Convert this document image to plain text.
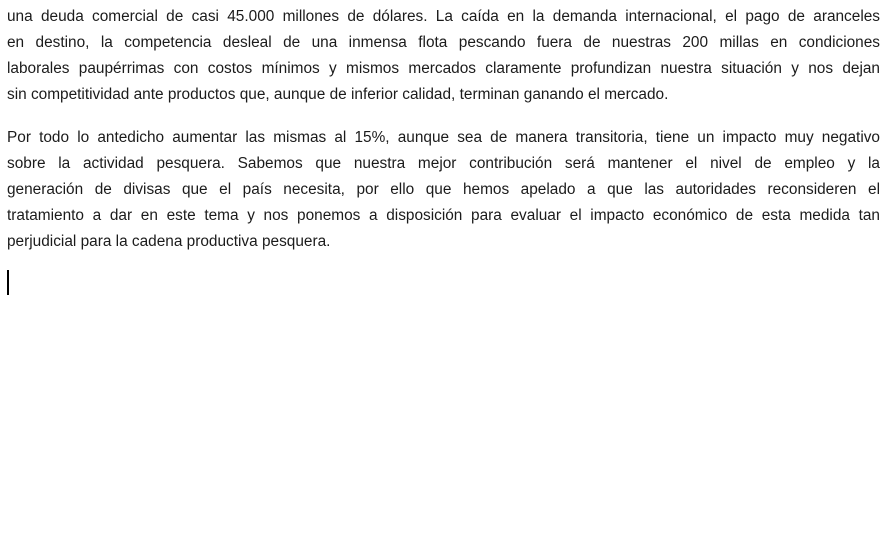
una deuda comercial de casi 45.000 millones de dólares. La caída en la demanda internacional, el pago de aranceles
en destino, la competencia desleal de una inmensa flota pescando fuera de nuestras 200 millas en condiciones
laborales paupérrimas con costos mínimos y mismos mercados claramente profundizan nuestra situación y nos dejan
sin competitividad ante productos que, aunque de inferior calidad, terminan ganando el mercado.
Por todo lo antedicho aumentar las mismas al 15%, aunque sea de manera transitoria, tiene un impacto muy negativo
sobre la actividad pesquera. Sabemos que nuestra mejor contribución será mantener el nivel de empleo y la
generación de divisas que el país necesita, por ello que hemos apelado a que las autoridades reconsideren el
tratamiento a dar en este tema y nos ponemos a disposición para evaluar el impacto económico de esta medida tan
perjudicial para la cadena productiva pesquera.
